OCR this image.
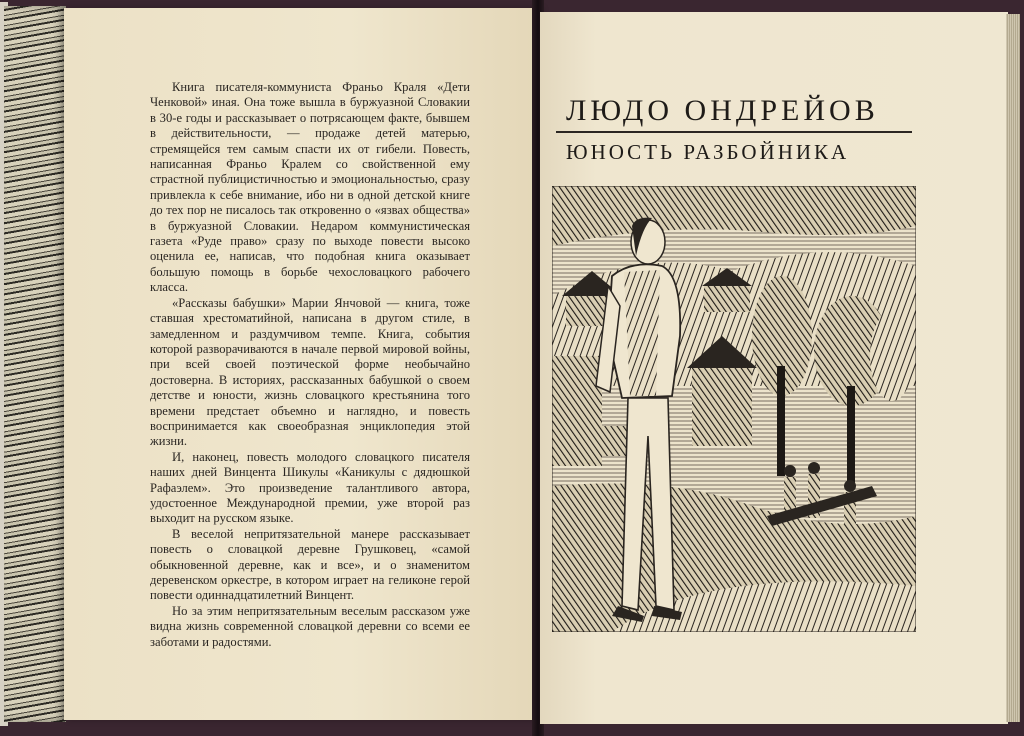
Книга писателя-коммуниста Франьо Краля «Дети Ченковой» иная. Она тоже вышла в буржуазной Словакии в 30-е годы и рассказывает о потрясающем факте, бывшем в действительности, — продаже детей матерью, стремящейся тем самым спасти их от гибели. Повесть, написанная Франьо Кралем со свойственной ему страстной публицистичностью и эмоциональностью, сразу привлекла к себе внимание, ибо ни в одной детской книге до тех пор не писалось так откровенно о «язвах общества» в буржуазной Словакии. Недаром коммунистическая газета «Руде право» сразу по выходе повести высоко оценила ее, написав, что подобная книга оказывает большую помощь в борьбе чехословацкого рабочего класса.

«Рассказы бабушки» Марии Янчовой — книга, тоже ставшая хрестоматийной, написана в другом стиле, в замедленном и раздумчивом темпе. Книга, события которой разворачиваются в начале первой мировой войны, при всей своей поэтической форме необычайно достоверна. В историях, рассказанных бабушкой о своем детстве и юности, жизнь словацкого крестьянина того времени предстает объемно и наглядно, и повесть воспринимается как своеобразная энциклопедия этой жизни.

И, наконец, повесть молодого словацкого писателя наших дней Винцента Шикулы «Каникулы с дядюшкой Рафаэлем». Это произведение талантливого автора, удостоенное Международной премии, уже второй раз выходит на русском языке.

В веселой непритязательной манере рассказывает повесть о словацкой деревне Грушковец, «самой обыкновенной деревне, как и все», и о знаменитом деревенском оркестре, в котором играет на геликоне герой повести одиннадцатилетний Винцент.

Но за этим непритязательным веселым рассказом уже видна жизнь современной словацкой деревни со всеми ее заботами и радостями.

ЛЮДО ОНДРЕЙОВ
ЮНОСТЬ РАЗБОЙНИКА
